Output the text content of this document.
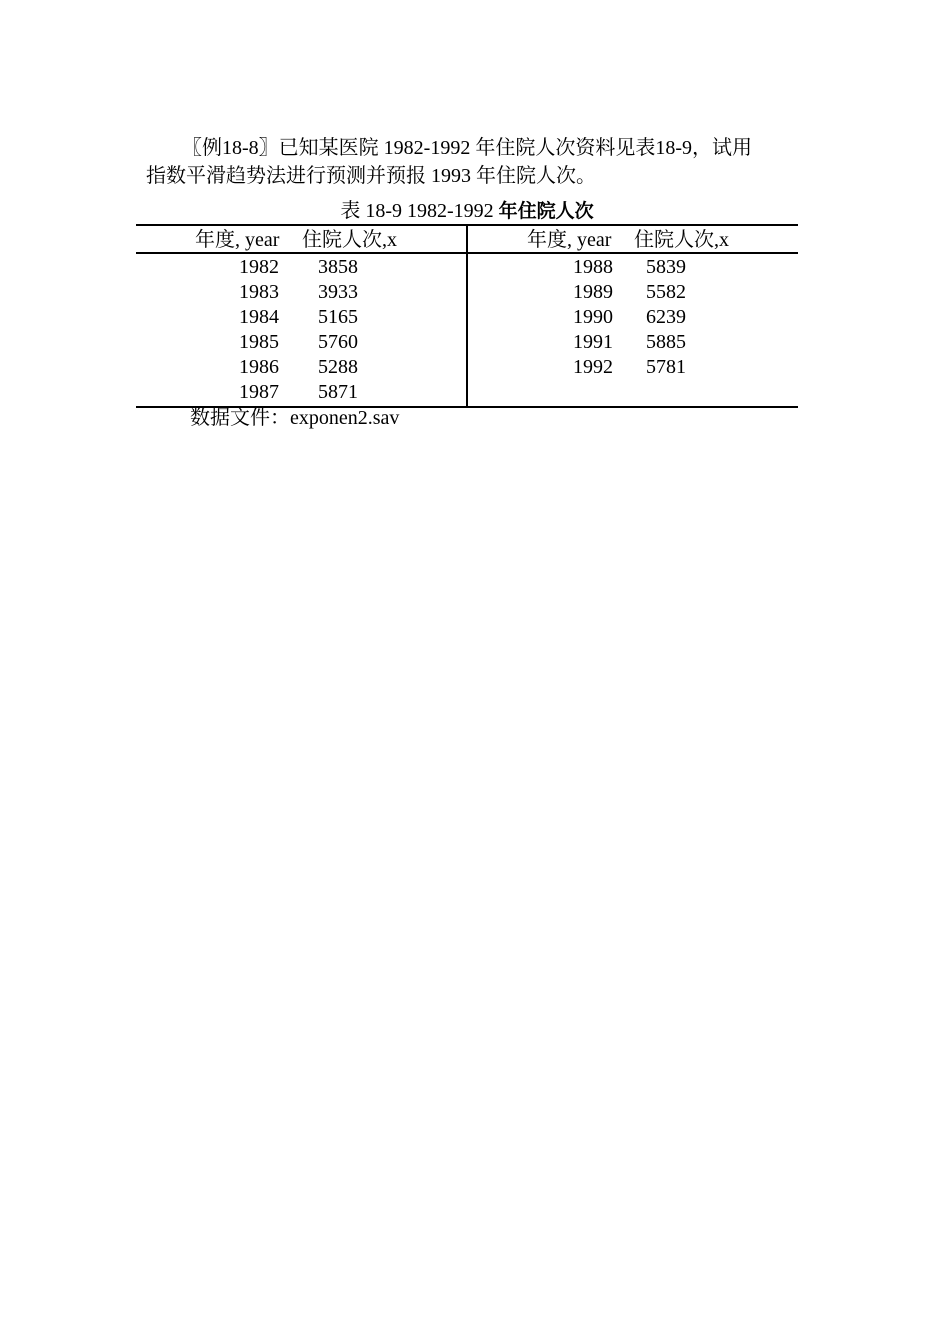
〖例18-8〗已知某医院 1982-1992 年住院人次资料见表18-9，试用
指数平滑趋势法进行预测并预报 1993 年住院人次。
表 18-9 1982-1992 年住院人次
年度, year 住院人次,x
1982 3858
1983 3933
1984 5165
1985 5760
1986 5288
1987 5871
年度, year 住院人次,x
1988 5839
1989 5582
1990 6239
1991 5885
1992 5781
数据文件：exponen2.sav
